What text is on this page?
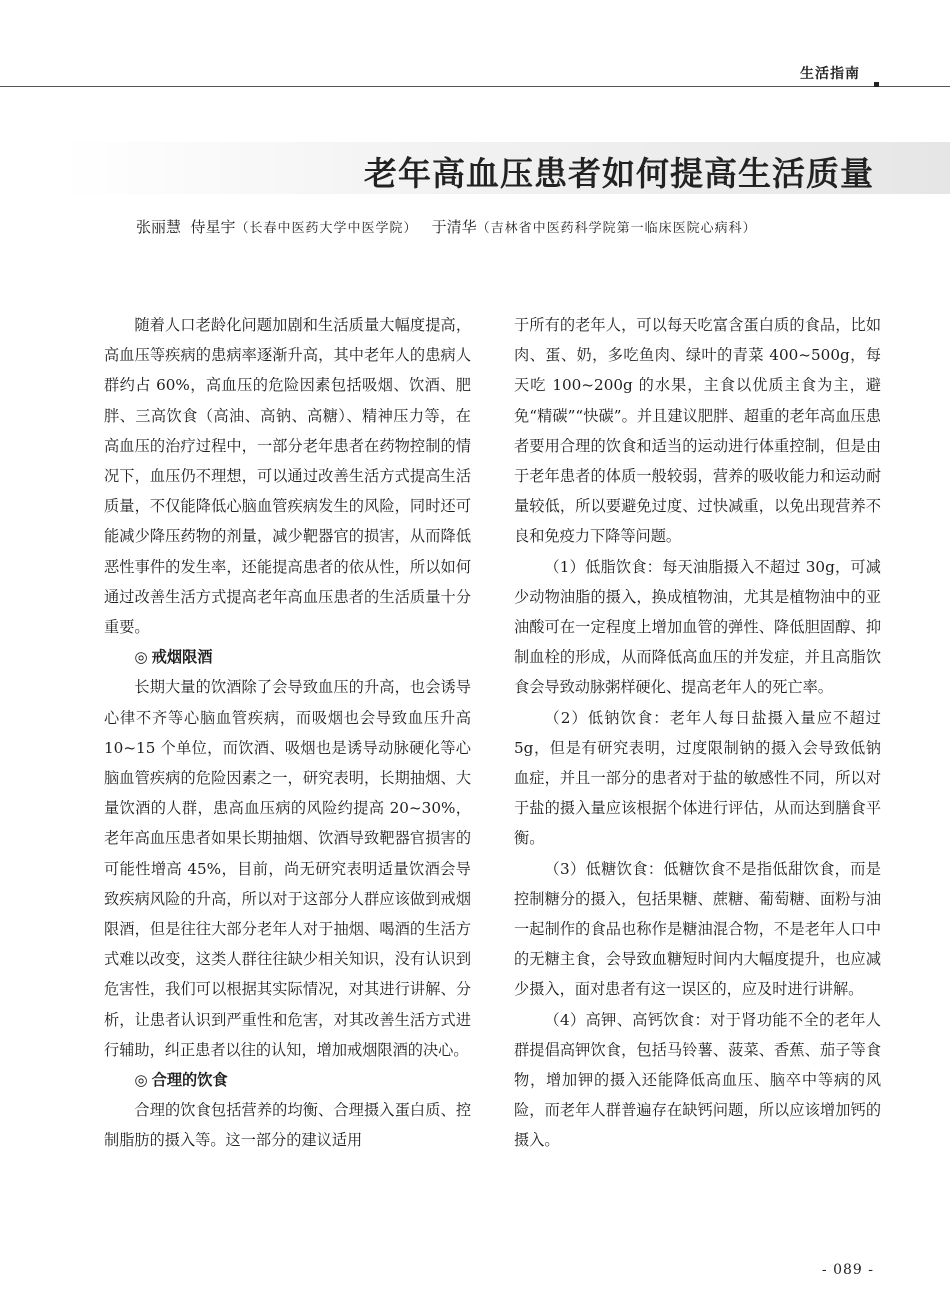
生活指南
老年高血压患者如何提高生活质量
张丽慧  侍星宇（长春中医药大学中医学院） 于清华（吉林省中医药科学院第一临床医院心病科）

随着人口老龄化问题加剧和生活质量大幅度提高，高血压等疾病的患病率逐渐升高，其中老年人的患病人群约占 60%，高血压的危险因素包括吸烟、饮酒、肥胖、三高饮食（高油、高钠、高糖）、精神压力等，在高血压的治疗过程中，一部分老年患者在药物控制的情况下，血压仍不理想，可以通过改善生活方式提高生活质量，不仅能降低心脑血管疾病发生的风险，同时还可能减少降压药物的剂量，减少靶器官的损害，从而降低恶性事件的发生率，还能提高患者的依从性，所以如何通过改善生活方式提高老年高血压患者的生活质量十分重要。

◎ 戒烟限酒

长期大量的饮酒除了会导致血压的升高，也会诱导心律不齐等心脑血管疾病，而吸烟也会导致血压升高 10~15 个单位，而饮酒、吸烟也是诱导动脉硬化等心脑血管疾病的危险因素之一，研究表明，长期抽烟、大量饮酒的人群，患高血压病的风险约提高 20~30%，老年高血压患者如果长期抽烟、饮酒导致靶器官损害的可能性增高 45%，目前，尚无研究表明适量饮酒会导致疾病风险的升高，所以对于这部分人群应该做到戒烟限酒，但是往往大部分老年人对于抽烟、喝酒的生活方式难以改变，这类人群往往缺少相关知识，没有认识到危害性，我们可以根据其实际情况，对其进行讲解、分析，让患者认识到严重性和危害，对其改善生活方式进行辅助，纠正患者以往的认知，增加戒烟限酒的决心。

◎ 合理的饮食

合理的饮食包括营养的均衡、合理摄入蛋白质、控制脂肪的摄入等。这一部分的建议适用

于所有的老年人，可以每天吃富含蛋白质的食品，比如肉、蛋、奶，多吃鱼肉、绿叶的青菜 400~500g，每天吃 100~200g 的水果，主食以优质主食为主，避免“精碳”“快碳”。并且建议肥胖、超重的老年高血压患者要用合理的饮食和适当的运动进行体重控制，但是由于老年患者的体质一般较弱，营养的吸收能力和运动耐量较低，所以要避免过度、过快减重，以免出现营养不良和免疫力下降等问题。

（1）低脂饮食：每天油脂摄入不超过 30g，可减少动物油脂的摄入，换成植物油，尤其是植物油中的亚油酸可在一定程度上增加血管的弹性、降低胆固醇、抑制血栓的形成，从而降低高血压的并发症，并且高脂饮食会导致动脉粥样硬化、提高老年人的死亡率。

（2）低钠饮食：老年人每日盐摄入量应不超过 5g，但是有研究表明，过度限制钠的摄入会导致低钠血症，并且一部分的患者对于盐的敏感性不同，所以对于盐的摄入量应该根据个体进行评估，从而达到膳食平衡。

（3）低糖饮食：低糖饮食不是指低甜饮食，而是控制糖分的摄入，包括果糖、蔗糖、葡萄糖、面粉与油一起制作的食品也称作是糖油混合物，不是老年人口中的无糖主食，会导致血糖短时间内大幅度提升，也应减少摄入，面对患者有这一误区的，应及时进行讲解。

（4）高钾、高钙饮食：对于肾功能不全的老年人群提倡高钾饮食，包括马铃薯、菠菜、香蕉、茄子等食物，增加钾的摄入还能降低高血压、脑卒中等病的风险，而老年人群普遍存在缺钙问题，所以应该增加钙的摄入。

- 089 -
